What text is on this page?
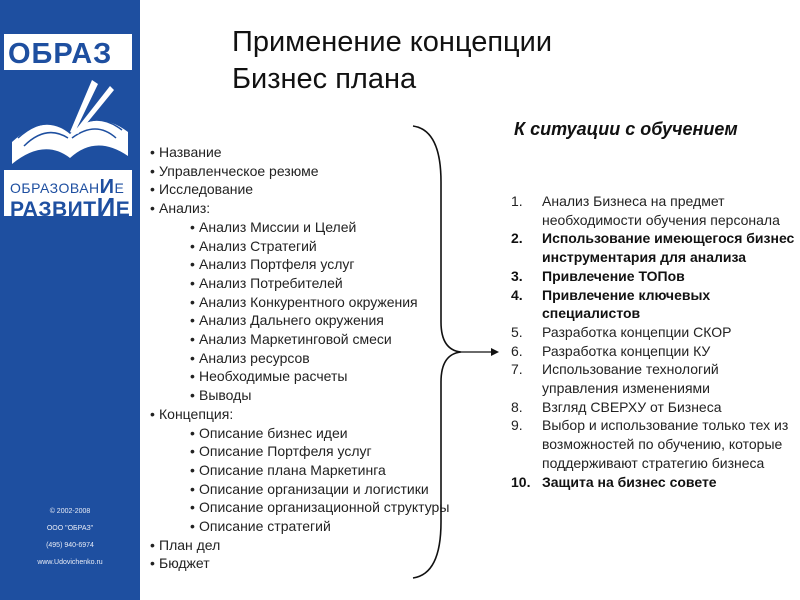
ОБРАЗ
ОБРАЗОВАНИЕ
РАЗВИТИЕ
© 2002-2008
ООО "ОБРАЗ"
(495) 940-6974
www.Udovichenko.ru
Применение концепции
Бизнес плана
• Название
• Управленческое резюме
• Исследование
• Анализ:
• Анализ Миссии и Целей
• Анализ Стратегий
• Анализ Портфеля услуг
• Анализ Потребителей
• Анализ Конкурентного окружения
• Анализ Дальнего окружения
• Анализ Маркетинговой смеси
• Анализ ресурсов
• Необходимые расчеты
• Выводы
• Концепция:
• Описание бизнес идеи
• Описание Портфеля услуг
• Описание плана Маркетинга
• Описание организации и логистики
• Описание организационной структуры
• Описание стратегий
• План дел
• Бюджет
К ситуации с обучением
1.	Анализ Бизнеса на предмет необходимости обучения персонала
2.	Использование имеющегося бизнес инструментария для анализа
3.	Привлечение ТОПов
4.	Привлечение ключевых специалистов
5.	Разработка концепции СКОР
6.	Разработка концепции КУ
7.	Использование технологий управления изменениями
8.	Взгляд СВЕРХУ от Бизнеса
9.	Выбор и использование только тех из возможностей по обучению, которые поддерживают стратегию бизнеса
10. Защита на бизнес совете
